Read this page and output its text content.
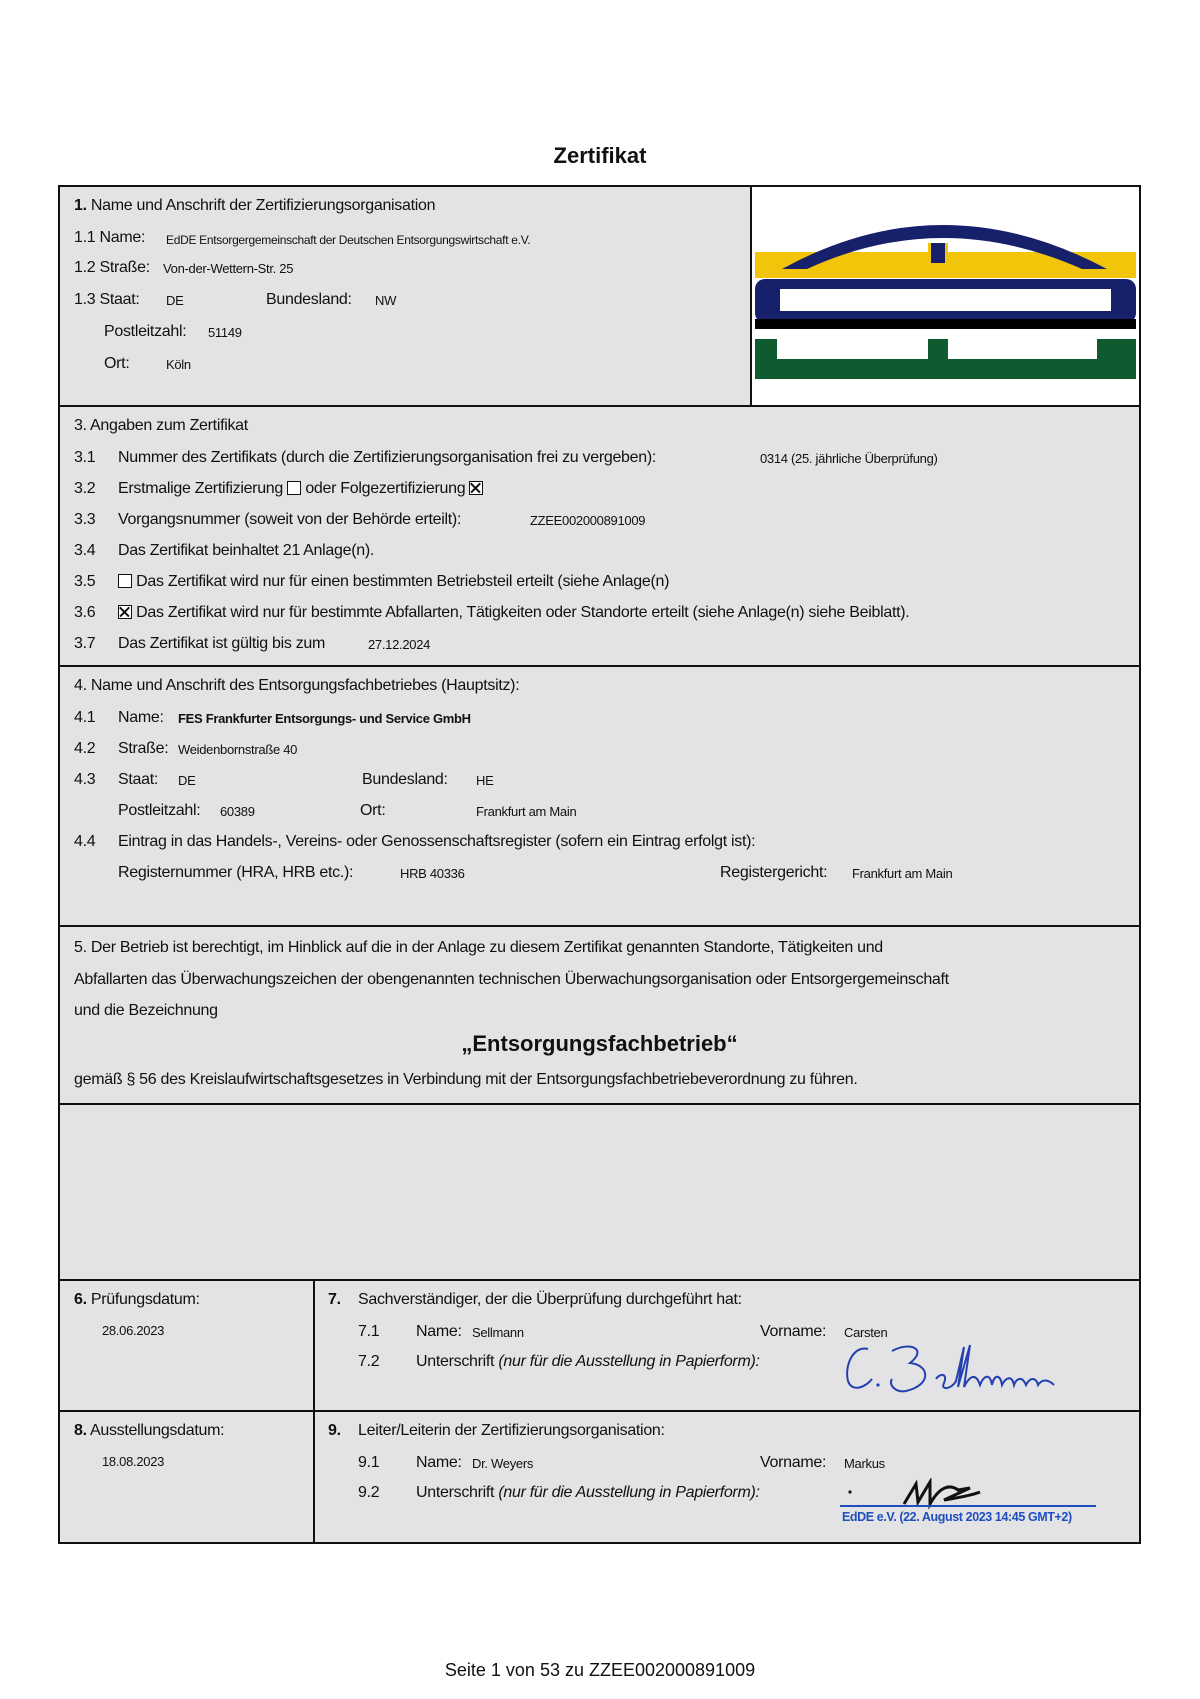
Zertifikat
1. Name und Anschrift der Zertifizierungsorganisation
1.1 Name: EdDE Entsorgergemeinschaft der Deutschen Entsorgungswirtschaft e.V.
1.2 Straße: Von-der-Wettern-Str. 25
1.3 Staat: DE	Bundesland: NW
Postleitzahl: 51149
Ort:	Köln
3. Angaben zum Zertifikat
3.1 Nummer des Zertifikats (durch die Zertifizierungsorganisation frei zu vergeben):	0314 (25. jährliche Überprüfung)
3.2 Erstmalige Zertifizierung oder Folgezertifizierung
3.3 Vorgangsnummer (soweit von der Behörde erteilt):	ZZEE002000891009
3.4 Das Zertifikat beinhaltet 21 Anlage(n).
3.5	Das Zertifikat wird nur für einen bestimmten Betriebsteil erteilt (siehe Anlage(n)
3.6	Das Zertifikat wird nur für bestimmte Abfallarten, Tätigkeiten oder Standorte erteilt (siehe Anlage(n) siehe Beiblatt).
3.7 Das Zertifikat ist gültig bis zum	27.12.2024
4. Name und Anschrift des Entsorgungsfachbetriebes (Hauptsitz):
4.1 Name: FES Frankfurter Entsorgungs- und Service GmbH
4.2 Straße: Weidenbornstraße 40
4.3 Staat: DE	Bundesland: HE
Postleitzahl: 60389	Ort:	Frankfurt am Main
4.4 Eintrag in das Handels-, Vereins- oder Genossenschaftsregister (sofern ein Eintrag erfolgt ist):
Registernummer (HRA, HRB etc.):	HRB 40336	Registergericht: Frankfurt am Main
5. Der Betrieb ist berechtigt, im Hinblick auf die in der Anlage zu diesem Zertifikat genannten Standorte, Tätigkeiten und
Abfallarten das Überwachungszeichen der obengenannten technischen Überwachungsorganisation oder Entsorgergemeinschaft
und die Bezeichnung
„Entsorgungsfachbetrieb“
gemäß § 56 des Kreislaufwirtschaftsgesetzes in Verbindung mit der Entsorgungsfachbetriebeverordnung zu führen.
6. Prüfungsdatum:
28.06.2023
7. Sachverständiger, der die Überprüfung durchgeführt hat:
7.1 Name: Sellmann	Vorname: Carsten
7.2 Unterschrift (nur für die Ausstellung in Papierform):
8. Ausstellungsdatum:
18.08.2023
9. Leiter/Leiterin der Zertifizierungsorganisation:
9.1 Name: Dr. Weyers	Vorname: Markus
9.2 Unterschrift (nur für die Ausstellung in Papierform):
EdDE e.V. (22. August 2023 14:45 GMT+2)
Seite 1 von 53 zu ZZEE002000891009
